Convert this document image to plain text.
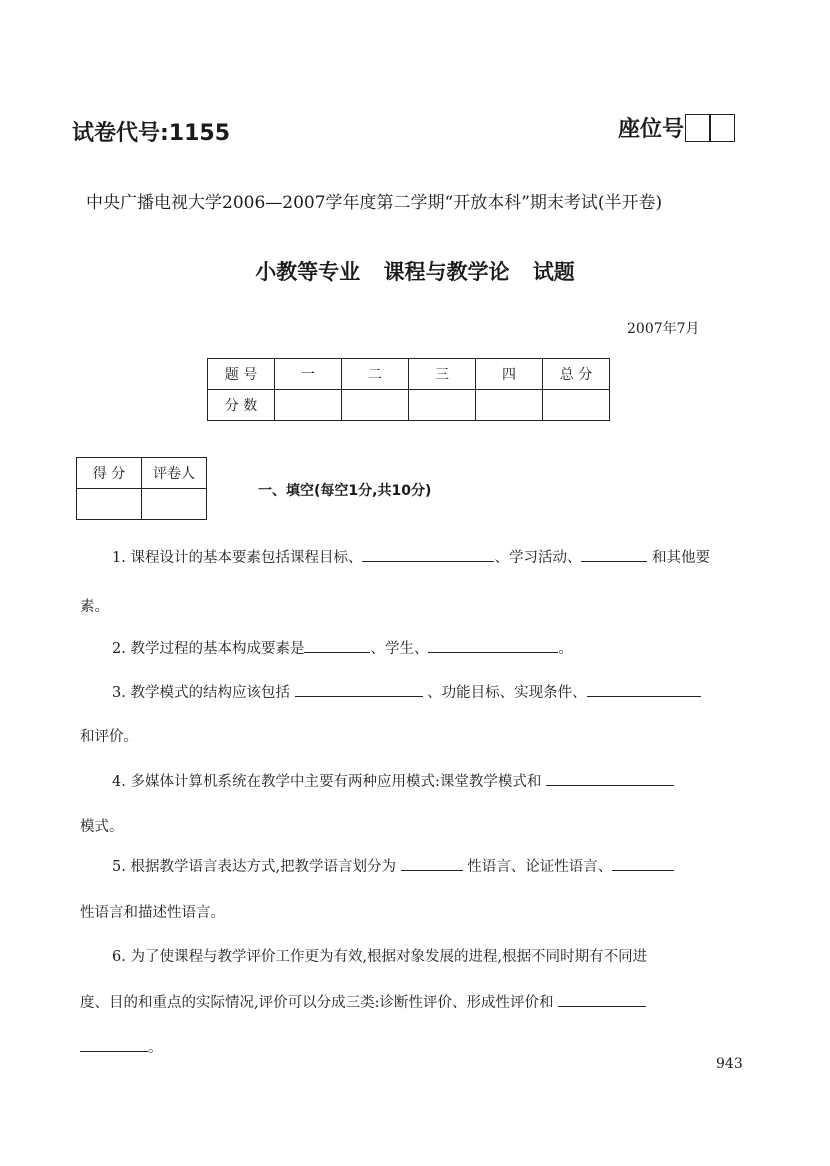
试卷代号:1155	座位号
中央广播电视大学2006—2007学年度第二学期“开放本科”期末考试(半开卷)
小教等专业 课程与教学论 试题
2007年7月
题 号	一	二	三	四	总 分
分 数					
得 分	评卷人

一、填空(每空1分,共10分)
1. 课程设计的基本要素包括课程目标、	、学习活动、	和其他要
素。
2. 教学过程的基本构成要素是	、学生、	。
3. 教学模式的结构应该包括	、功能目标、实现条件、
和评价。
4. 多媒体计算机系统在教学中主要有两种应用模式:课堂教学模式和
模式。
5. 根据教学语言表达方式,把教学语言划分为	性语言、论证性语言、
性语言和描述性语言。
6. 为了使课程与教学评价工作更为有效,根据对象发展的进程,根据不同时期有不同进
度、目的和重点的实际情况,评价可以分成三类:诊断性评价、形成性评价和
。
943
